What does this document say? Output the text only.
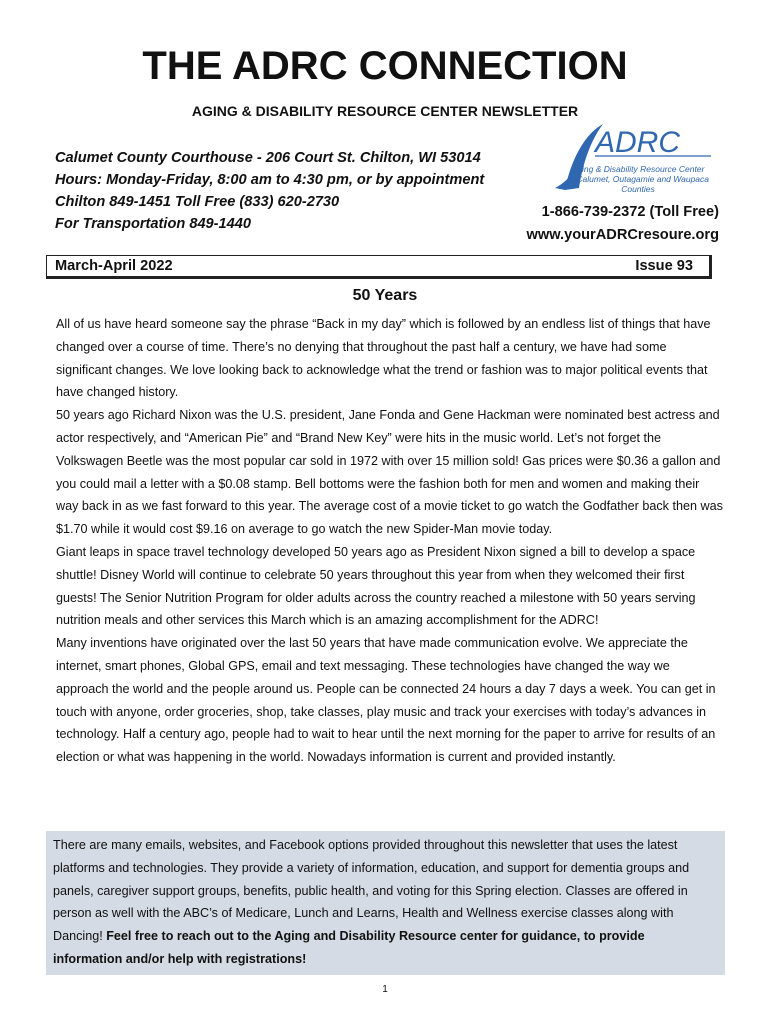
THE ADRC CONNECTION
AGING & DISABILITY RESOURCE CENTER NEWSLETTER
Calumet County Courthouse - 206 Court St. Chilton, WI 53014
Hours: Monday-Friday, 8:00 am to 4:30 pm, or by appointment
Chilton 849-1451 Toll Free (833) 620-2730
For Transportation 849-1440
ADRC
Aging & Disability Resource Center
of Calumet, Outagamie and Waupaca Counties
1-866-739-2372 (Toll Free)
www.yourADRCresoure.org
March-April 2022	Issue 93
50 Years

All of us have heard someone say the phrase “Back in my day” which is followed by an endless list of things that have changed over a course of time. There’s no denying that throughout the past half a century, we have had some significant changes. We love looking back to acknowledge what the trend or fashion was to major political events that have changed history.

50 years ago Richard Nixon was the U.S. president, Jane Fonda and Gene Hackman were nominated best actress and actor respectively, and “American Pie” and “Brand New Key” were hits in the music world. Let’s not forget the Volkswagen Beetle was the most popular car sold in 1972 with over 15 million sold! Gas prices were $0.36 a gallon and you could mail a letter with a $0.08 stamp. Bell bottoms were the fashion both for men and women and making their way back in as we fast forward to this year. The average cost of a movie ticket to go watch the Godfather back then was $1.70 while it would cost $9.16 on average to go watch the new Spider-Man movie today.

Giant leaps in space travel technology developed 50 years ago as President Nixon signed a bill to develop a space shuttle! Disney World will continue to celebrate 50 years throughout this year from when they welcomed their first guests! The Senior Nutrition Program for older adults across the country reached a milestone with 50 years serving nutrition meals and other services this March which is an amazing accomplishment for the ADRC!

Many inventions have originated over the last 50 years that have made communication evolve. We appreciate the internet, smart phones, Global GPS, email and text messaging. These technologies have changed the way we approach the world and the people around us. People can be connected 24 hours a day 7 days a week. You can get in touch with anyone, order groceries, shop, take classes, play music and track your exercises with today’s advances in technology. Half a century ago, people had to wait to hear until the next morning for the paper to arrive for results of an election or what was happening in the world. Nowadays information is current and provided instantly.

There are many emails, websites, and Facebook options provided throughout this newsletter that uses the latest platforms and technologies. They provide a variety of information, education, and support for dementia groups and panels, caregiver support groups, benefits, public health, and voting for this Spring election. Classes are offered in person as well with the ABC’s of Medicare, Lunch and Learns, Health and Wellness exercise classes along with Dancing! Feel free to reach out to the Aging and Disability Resource center for guidance, to provide information and/or help with registrations!
1
